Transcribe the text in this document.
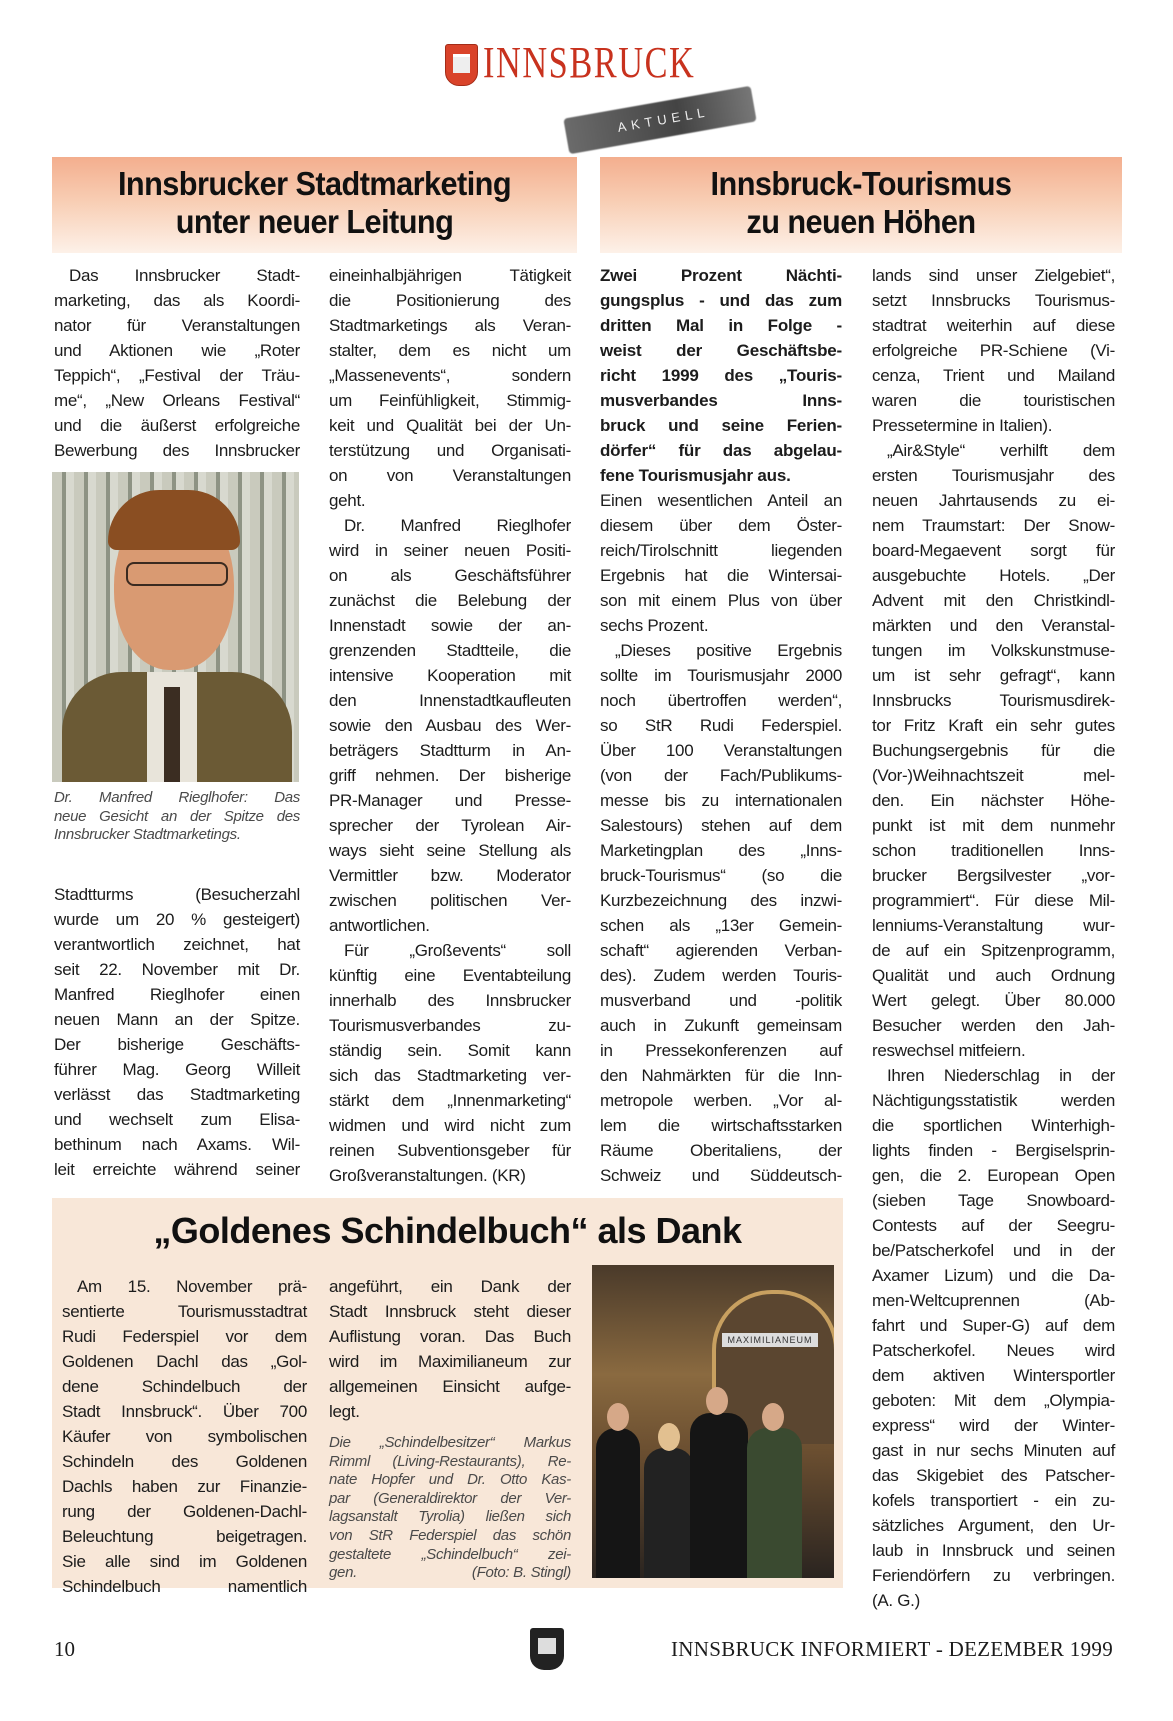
INNSBRUCK
AKTUELL
Innsbrucker Stadtmarketing
unter neuer Leitung
Innsbruck-Tourismus
zu neuen Höhen
Das Innsbrucker Stadt-
marketing, das als Koordi-
nator für Veranstaltungen
und Aktionen wie „Roter
Teppich“, „Festival der Träu-
me“, „New Orleans Festival“
und die äußerst erfolgreiche
Bewerbung des Innsbrucker
Dr. Manfred Rieglhofer: Das
neue Gesicht an der Spitze des
Innsbrucker Stadtmarketings.
Stadtturms (Besucherzahl
wurde um 20 % gesteigert)
verantwortlich zeichnet, hat
seit 22. November mit Dr.
Manfred Rieglhofer einen
neuen Mann an der Spitze.
Der bisherige Geschäfts-
führer Mag. Georg Willeit
verlässt das Stadtmarketing
und wechselt zum Elisa-
bethinum nach Axams. Wil-
leit erreichte während seiner
eineinhalbjährigen Tätigkeit
die Positionierung des
Stadtmarketings als Veran-
stalter, dem es nicht um
„Massenevents“, sondern
um Feinfühligkeit, Stimmig-
keit und Qualität bei der Un-
terstützung und Organisati-
on von Veranstaltungen
geht.
Dr. Manfred Rieglhofer
wird in seiner neuen Positi-
on als Geschäftsführer
zunächst die Belebung der
Innenstadt sowie der an-
grenzenden Stadtteile, die
intensive Kooperation mit
den Innenstadtkaufleuten
sowie den Ausbau des Wer-
beträgers Stadtturm in An-
griff nehmen. Der bisherige
PR-Manager und Presse-
sprecher der Tyrolean Air-
ways sieht seine Stellung als
Vermittler bzw. Moderator
zwischen politischen Ver-
antwortlichen.
Für „Großevents“ soll
künftig eine Eventabteilung
innerhalb des Innsbrucker
Tourismusverbandes zu-
ständig sein. Somit kann
sich das Stadtmarketing ver-
stärkt dem „Innenmarketing“
widmen und wird nicht zum
reinen Subventionsgeber für
Großveranstaltungen. (KR)
Zwei Prozent Nächti-
gungsplus - und das zum
dritten Mal in Folge -
weist der Geschäftsbe-
richt 1999 des „Touris-
musverbandes Inns-
bruck und seine Ferien-
dörfer“ für das abgelau-
fene Tourismusjahr aus.
Einen wesentlichen Anteil an
diesem über dem Öster-
reich/Tirolschnitt liegenden
Ergebnis hat die Wintersai-
son mit einem Plus von über
sechs Prozent.
„Dieses positive Ergebnis
sollte im Tourismusjahr 2000
noch übertroffen werden“,
so StR Rudi Federspiel.
Über 100 Veranstaltungen
(von der Fach/Publikums-
messe bis zu internationalen
Salestours) stehen auf dem
Marketingplan des „Inns-
bruck-Tourismus“ (so die
Kurzbezeichnung des inzwi-
schen als „13er Gemein-
schaft“ agierenden Verban-
des). Zudem werden Touris-
musverband und -politik
auch in Zukunft gemeinsam
in Pressekonferenzen auf
den Nahmärkten für die Inn-
metropole werben. „Vor al-
lem die wirtschaftsstarken
Räume Oberitaliens, der
Schweiz und Süddeutsch-
lands sind unser Zielgebiet“,
setzt Innsbrucks Tourismus-
stadtrat weiterhin auf diese
erfolgreiche PR-Schiene (Vi-
cenza, Trient und Mailand
waren die touristischen
Pressetermine in Italien).
„Air&Style“ verhilft dem
ersten Tourismusjahr des
neuen Jahrtausends zu ei-
nem Traumstart: Der Snow-
board-Megaevent sorgt für
ausgebuchte Hotels. „Der
Advent mit den Christkindl-
märkten und den Veranstal-
tungen im Volkskunstmuse-
um ist sehr gefragt“, kann
Innsbrucks Tourismusdirek-
tor Fritz Kraft ein sehr gutes
Buchungsergebnis für die
(Vor-)Weihnachtszeit mel-
den. Ein nächster Höhe-
punkt ist mit dem nunmehr
schon traditionellen Inns-
brucker Bergsilvester „vor-
programmiert“. Für diese Mil-
lenniums-Veranstaltung wur-
de auf ein Spitzenprogramm,
Qualität und auch Ordnung
Wert gelegt. Über 80.000
Besucher werden den Jah-
reswechsel mitfeiern.
Ihren Niederschlag in der
Nächtigungsstatistik werden
die sportlichen Winterhigh-
lights finden - Bergiselsprin-
gen, die 2. European Open
(sieben Tage Snowboard-
Contests auf der Seegru-
be/Patscherkofel und in der
Axamer Lizum) und die Da-
men-Weltcuprennen (Ab-
fahrt und Super-G) auf dem
Patscherkofel. Neues wird
dem aktiven Wintersportler
geboten: Mit dem „Olympia-
express“ wird der Winter-
gast in nur sechs Minuten auf
das Skigebiet des Patscher-
kofels transportiert - ein zu-
sätzliches Argument, den Ur-
laub in Innsbruck und seinen
Feriendörfern zu verbringen.
(A. G.)
„Goldenes Schindelbuch“ als Dank
Am 15. November prä-
sentierte Tourismusstadtrat
Rudi Federspiel vor dem
Goldenen Dachl das „Gol-
dene Schindelbuch der
Stadt Innsbruck“. Über 700
Käufer von symbolischen
Schindeln des Goldenen
Dachls haben zur Finanzie-
rung der Goldenen-Dachl-
Beleuchtung beigetragen.
Sie alle sind im Goldenen
Schindelbuch namentlich
angeführt, ein Dank der
Stadt Innsbruck steht dieser
Auflistung voran. Das Buch
wird im Maximilianeum zur
allgemeinen Einsicht aufge-
legt.
Die „Schindelbesitzer“ Markus
Rimml (Living-Restaurants), Re-
nate Hopfer und Dr. Otto Kas-
par (Generaldirektor der Ver-
lagsanstalt Tyrolia) ließen sich
von StR Federspiel das schön
gestaltete „Schindelbuch“ zei-
gen.	(Foto: B. Stingl)
MAXIMILIANEUM
10	INNSBRUCK INFORMIERT - DEZEMBER 1999
